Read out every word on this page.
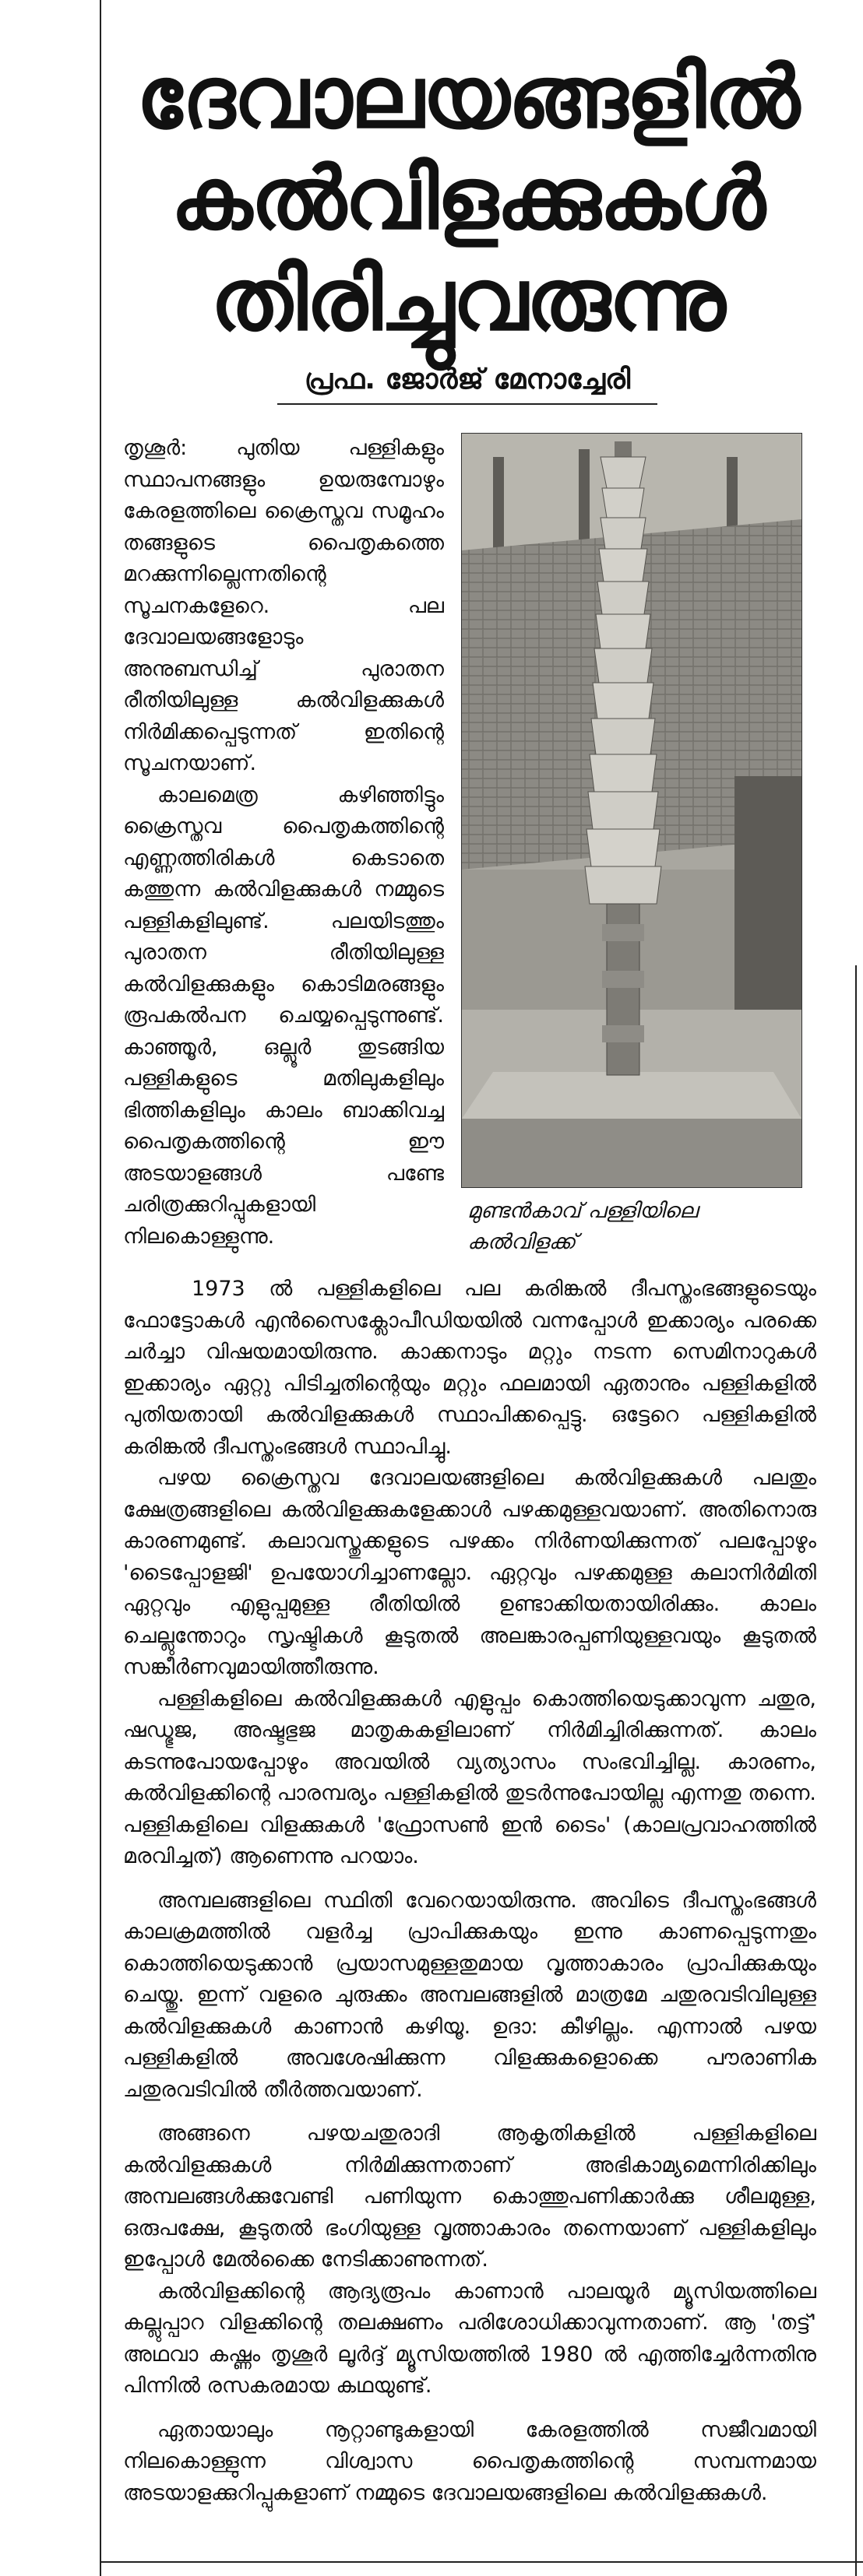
ദേവാലയങ്ങളിൽ
കൽവിളക്കുകൾ
തിരിച്ചുവരുന്നു
പ്രഫ. ജോർജ് മേനാച്ചേരി
മുണ്ടൻകാവ് പള്ളിയിലെ കൽവിളക്ക്

തൃശൂർ: പുതിയ പള്ളികളും സ്ഥാപനങ്ങളും ഉയരുമ്പോഴും കേരളത്തിലെ ക്രൈസ്തവ സമൂഹം തങ്ങളുടെ പൈതൃകത്തെ മറക്കുന്നില്ലെന്നതിന്റെ സൂചനകളേറെ. പല ദേവാലയങ്ങളോടും അനുബന്ധിച്ച് പുരാതന രീതിയിലുള്ള കൽവിളക്കുകൾ നിർമിക്കപ്പെടുന്നത് ഇതിന്റെ സൂചനയാണ്.

കാലമെത്ര കഴിഞ്ഞിട്ടും ക്രൈസ്തവ പൈതൃകത്തിന്റെ എണ്ണത്തിരികൾ കെടാതെ കത്തുന്ന കൽവിളക്കുകൾ നമ്മുടെ പള്ളികളിലുണ്ട്. പലയിടത്തും പുരാതന രീതിയിലുള്ള കൽവിളക്കുകളും കൊടിമരങ്ങളും രൂപകൽപന ചെയ്യപ്പെടുന്നുണ്ട്. കാഞ്ഞൂർ, ഒല്ലൂർ തുടങ്ങിയ പള്ളികളുടെ മതിലുകളിലും ഭിത്തികളിലും കാലം ബാക്കിവച്ച പൈതൃകത്തിന്റെ ഈ അടയാളങ്ങൾ പണ്ടേ ചരിത്രക്കുറിപ്പുകളായി നിലകൊള്ളുന്നു.

1973 ൽ പള്ളികളിലെ പല കരിങ്കൽ ദീപസ്തംഭങ്ങളുടെയും ഫോട്ടോകൾ എൻസൈക്ലോപീഡിയയിൽ വന്നപ്പോൾ ഇക്കാര്യം പരക്കെ ചർച്ചാ വിഷയമായിരുന്നു. കാക്കനാടും മറ്റും നടന്ന സെമിനാറുകൾ ഇക്കാര്യം ഏറ്റു പിടിച്ചതിന്റെയും മറ്റും ഫലമായി ഏതാനും പള്ളികളിൽ പുതിയതായി കൽവിളക്കുകൾ സ്ഥാപിക്കപ്പെട്ടു. ഒട്ടേറെ പള്ളികളിൽ കരിങ്കൽ ദീപസ്തംഭങ്ങൾ സ്ഥാപിച്ചു.

പഴയ ക്രൈസ്തവ ദേവാലയങ്ങളിലെ കൽവിളക്കുകൾ പലതും ക്ഷേത്രങ്ങളിലെ കൽവിളക്കുകളേക്കാൾ പഴക്കമുള്ളവയാണ്. അതിനൊരു കാരണമുണ്ട്. കലാവസ്തുക്കളുടെ പഴക്കം നിർണയിക്കുന്നത് പലപ്പോഴും 'ടൈപ്പോളജി' ഉപയോഗിച്ചാണല്ലോ. ഏറ്റവും പഴക്കമുള്ള കലാനിർമിതി ഏറ്റവും എളുപ്പമുള്ള രീതിയിൽ ഉണ്ടാക്കിയതായിരിക്കും. കാലം ചെല്ലുന്തോറും സൃഷ്ടികൾ കൂടുതൽ അലങ്കാരപ്പണിയുള്ളവയും കൂടുതൽ സങ്കീർണവുമായിത്തീരുന്നു.

പള്ളികളിലെ കൽവിളക്കുകൾ എളുപ്പം കൊത്തിയെടുക്കാവുന്ന ചതുര, ഷഡ്ഭുജ, അഷ്ടഭുജ മാതൃകകളിലാണ് നിർമിച്ചിരിക്കുന്നത്. കാലം കടന്നുപോയപ്പോഴും അവയിൽ വ്യത്യാസം സംഭവിച്ചില്ല. കാരണം, കൽവിളക്കിന്റെ പാരമ്പര്യം പള്ളികളിൽ തുടർന്നുപോയില്ല എന്നതു തന്നെ. പള്ളികളിലെ വിളക്കുകൾ 'ഫ്രോസൺ ഇൻ ടൈം' (കാലപ്രവാഹത്തിൽ മരവിച്ചത്) ആണെന്നു പറയാം.

അമ്പലങ്ങളിലെ സ്ഥിതി വേറെയായിരുന്നു. അവിടെ ദീപസ്തംഭങ്ങൾ കാലക്രമത്തിൽ വളർച്ച പ്രാപിക്കുകയും ഇന്നു കാണപ്പെടുന്നതും കൊത്തിയെടുക്കാൻ പ്രയാസമുള്ളതുമായ വൃത്താകാരം പ്രാപിക്കുകയും ചെയ്തു. ഇന്ന് വളരെ ചുരുക്കം അമ്പലങ്ങളിൽ മാത്രമേ ചതുരവടിവിലുള്ള കൽവിളക്കുകൾ കാണാൻ കഴിയൂ. ഉദാ: കീഴില്ലം. എന്നാൽ പഴയ പള്ളികളിൽ അവശേഷിക്കുന്ന വിളക്കുകളൊക്കെ പൗരാണിക ചതുരവടിവിൽ തീർത്തവയാണ്.

അങ്ങനെ പഴയചതുരാദി ആകൃതികളിൽ പള്ളികളിലെ കൽവിളക്കുകൾ നിർമിക്കുന്നതാണ് അഭികാമ്യമെന്നിരിക്കിലും അമ്പലങ്ങൾക്കുവേണ്ടി പണിയുന്ന കൊത്തുപണിക്കാർക്കു ശീലമുള്ള, ഒരുപക്ഷേ, കൂടുതൽ ഭംഗിയുള്ള വൃത്താകാരം തന്നെയാണ് പള്ളികളിലും ഇപ്പോൾ മേൽക്കൈ നേടിക്കാണുന്നത്.

കൽവിളക്കിന്റെ ആദ്യരൂപം കാണാൻ പാലയൂർ മ്യൂസിയത്തിലെ കല്ലുപ്പാറ വിളക്കിന്റെ തലക്ഷണം പരിശോധിക്കാവുന്നതാണ്. ആ 'തട്ട്' അഥവാ കഷ്ണം തൃശൂർ ലൂർദ്ദ് മ്യൂസിയത്തിൽ 1980 ൽ എത്തിച്ചേർന്നതിനു പിന്നിൽ രസകരമായ കഥയുണ്ട്.

ഏതായാലും നൂറ്റാണ്ടുകളായി കേരളത്തിൽ സജീവമായി നിലകൊള്ളുന്ന വിശ്വാസ പൈതൃകത്തിന്റെ സമ്പന്നമായ അടയാളക്കുറിപ്പുകളാണ് നമ്മുടെ ദേവാലയങ്ങളിലെ കൽവിളക്കുകൾ.
